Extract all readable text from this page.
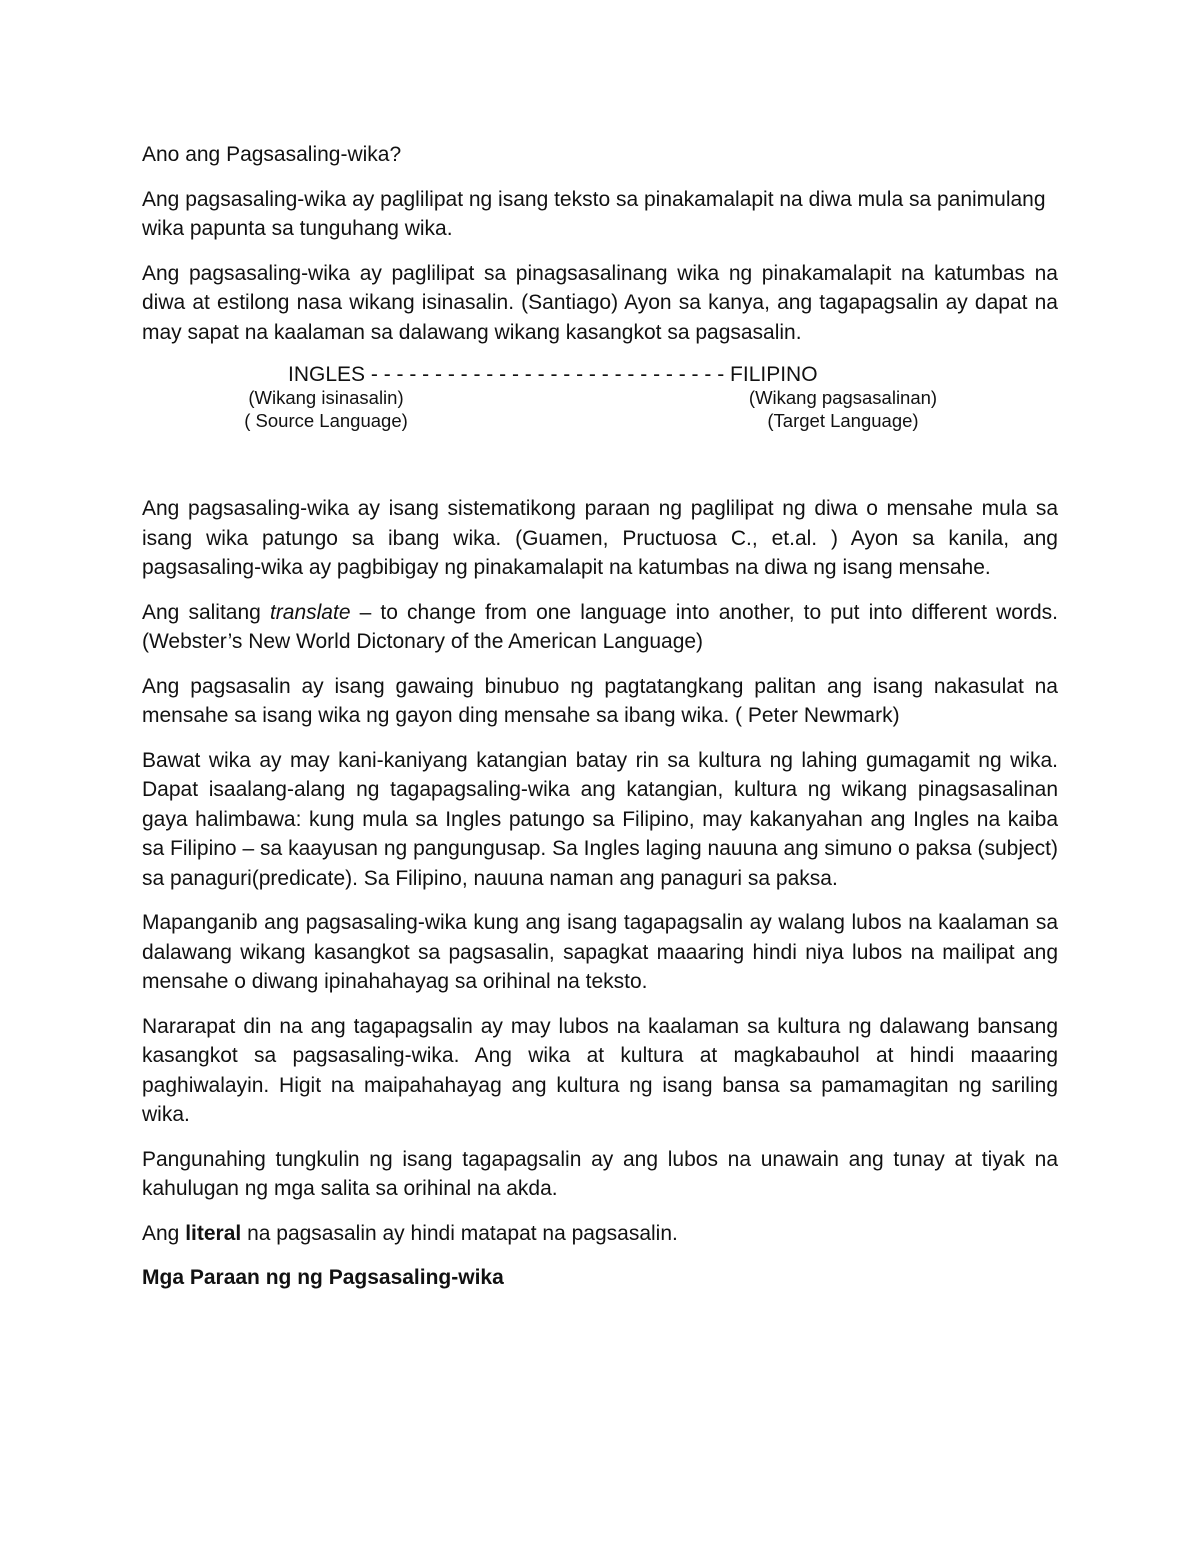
Ano ang Pagsasaling-wika?

Ang pagsasaling-wika ay paglilipat ng isang teksto sa pinakamalapit na diwa mula sa panimulang wika papunta sa tunguhang wika.

Ang pagsasaling-wika ay paglilipat sa pinagsasalinang wika ng pinakamalapit na katumbas na diwa at estilong nasa wikang isinasalin. (Santiago) Ayon sa kanya, ang tagapagsalin ay dapat na may sapat na kaalaman sa dalawang wikang kasangkot sa pagsasalin.

INGLES - - - - - - - - - - - - - - - - - - - - - - - - - - - - FILIPINO
(Wikang isinasalin)
( Source Language)
(Wikang pagsasalinan)
(Target Language)

Ang pagsasaling-wika ay isang sistematikong paraan ng paglilipat ng diwa o mensahe mula sa isang wika patungo sa ibang wika. (Guamen, Pructuosa C., et.al. ) Ayon sa kanila, ang pagsasaling-wika ay pagbibigay ng pinakamalapit na katumbas na diwa ng isang mensahe.

Ang salitang translate – to change from one language into another, to put into different words. (Webster’s New World Dictonary of the American Language)

Ang pagsasalin ay isang gawaing binubuo ng pagtatangkang palitan ang isang nakasulat na mensahe sa isang wika ng gayon ding mensahe sa ibang wika. ( Peter Newmark)

Bawat wika ay may kani-kaniyang katangian batay rin sa kultura ng lahing gumagamit ng wika. Dapat isaalang-alang ng tagapagsaling-wika ang katangian, kultura ng wikang pinagsasalinan gaya halimbawa: kung mula sa Ingles patungo sa Filipino, may kakanyahan ang Ingles na kaiba sa Filipino – sa kaayusan ng pangungusap. Sa Ingles laging nauuna ang simuno o paksa (subject) sa panaguri(predicate). Sa Filipino, nauuna naman ang panaguri sa paksa.

Mapanganib ang pagsasaling-wika kung ang isang tagapagsalin ay walang lubos na kaalaman sa dalawang wikang kasangkot sa pagsasalin, sapagkat maaaring hindi niya lubos na mailipat ang mensahe o diwang ipinahahayag sa orihinal na teksto.

Nararapat din na ang tagapagsalin ay may lubos na kaalaman sa kultura ng dalawang bansang kasangkot sa pagsasaling-wika. Ang wika at kultura at magkabauhol at hindi maaaring paghiwalayin. Higit na maipahahayag ang kultura ng isang bansa sa pamamagitan ng sariling wika.

Pangunahing tungkulin ng isang tagapagsalin ay ang lubos na unawain ang tunay at tiyak na kahulugan ng mga salita sa orihinal na akda.

Ang literal na pagsasalin ay hindi matapat na pagsasalin.

Mga Paraan ng ng Pagsasaling-wika
